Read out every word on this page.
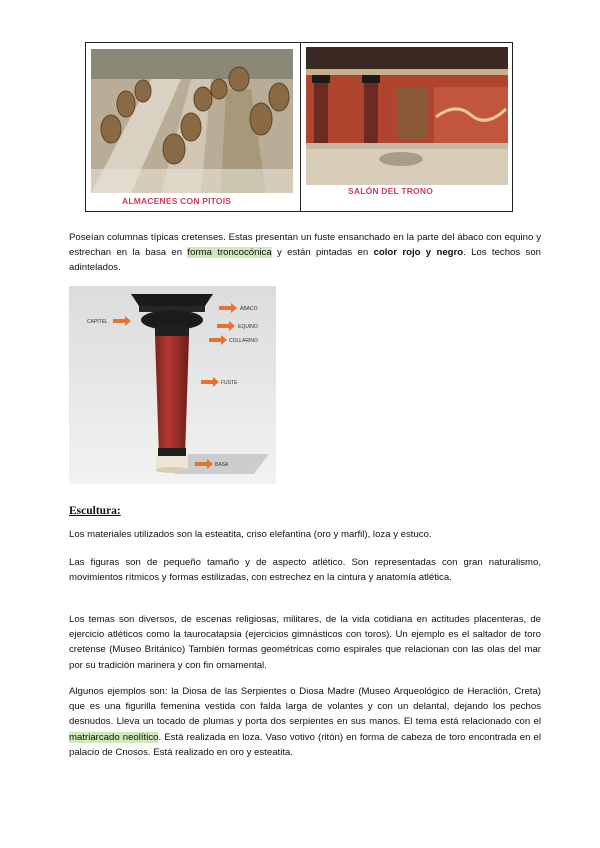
ALMACENES CON PITOIS
SALÓN DEL TRONO

Poseían columnas típicas cretenses. Estas presentan un fuste ensanchado en la parte del ábaco con equino y estrechan en la basa en forma troncocónica y están pintadas en color rojo y negro. Los techos son adintelados.

ÁBACO
EQUINO
COLLARINO
FUSTE
BASA
CAPITEL
Escultura:

Los materiales utilizados son la esteatita, criso elefantina (oro y marfil), loza y estuco.

Las figuras son de pequeño tamaño y de aspecto atlético. Son representadas con gran naturalismo, movimientos rítmicos y formas estilizadas, con estrechez en la cintura y anatomía atlética.

Los temas son diversos, de escenas religiosas, militares, de la vida cotidiana en actitudes placenteras, de ejercicio atléticos como la taurocatapsia (ejercicios gimnásticos con toros). Un ejemplo es el saltador de toro cretense (Museo Británico) También formas geométricas como espirales que relacionan con las olas del mar por su tradición marinera y con fin ornamental.

Algunos ejemplos son: la Diosa de las Serpientes o Diosa Madre (Museo Arqueológico de Heraclión, Creta) que es una figurilla femenina vestida con falda larga de volantes y con un delantal, dejando los pechos desnudos. Lleva un tocado de plumas y porta dos serpientes en sus manos. El tema está relacionado con el matriarcado neolítico. Está realizada en loza. Vaso votivo (ritón) en forma de cabeza de toro encontrada en el palacio de Cnosos. Está realizado en oro y esteatita.
